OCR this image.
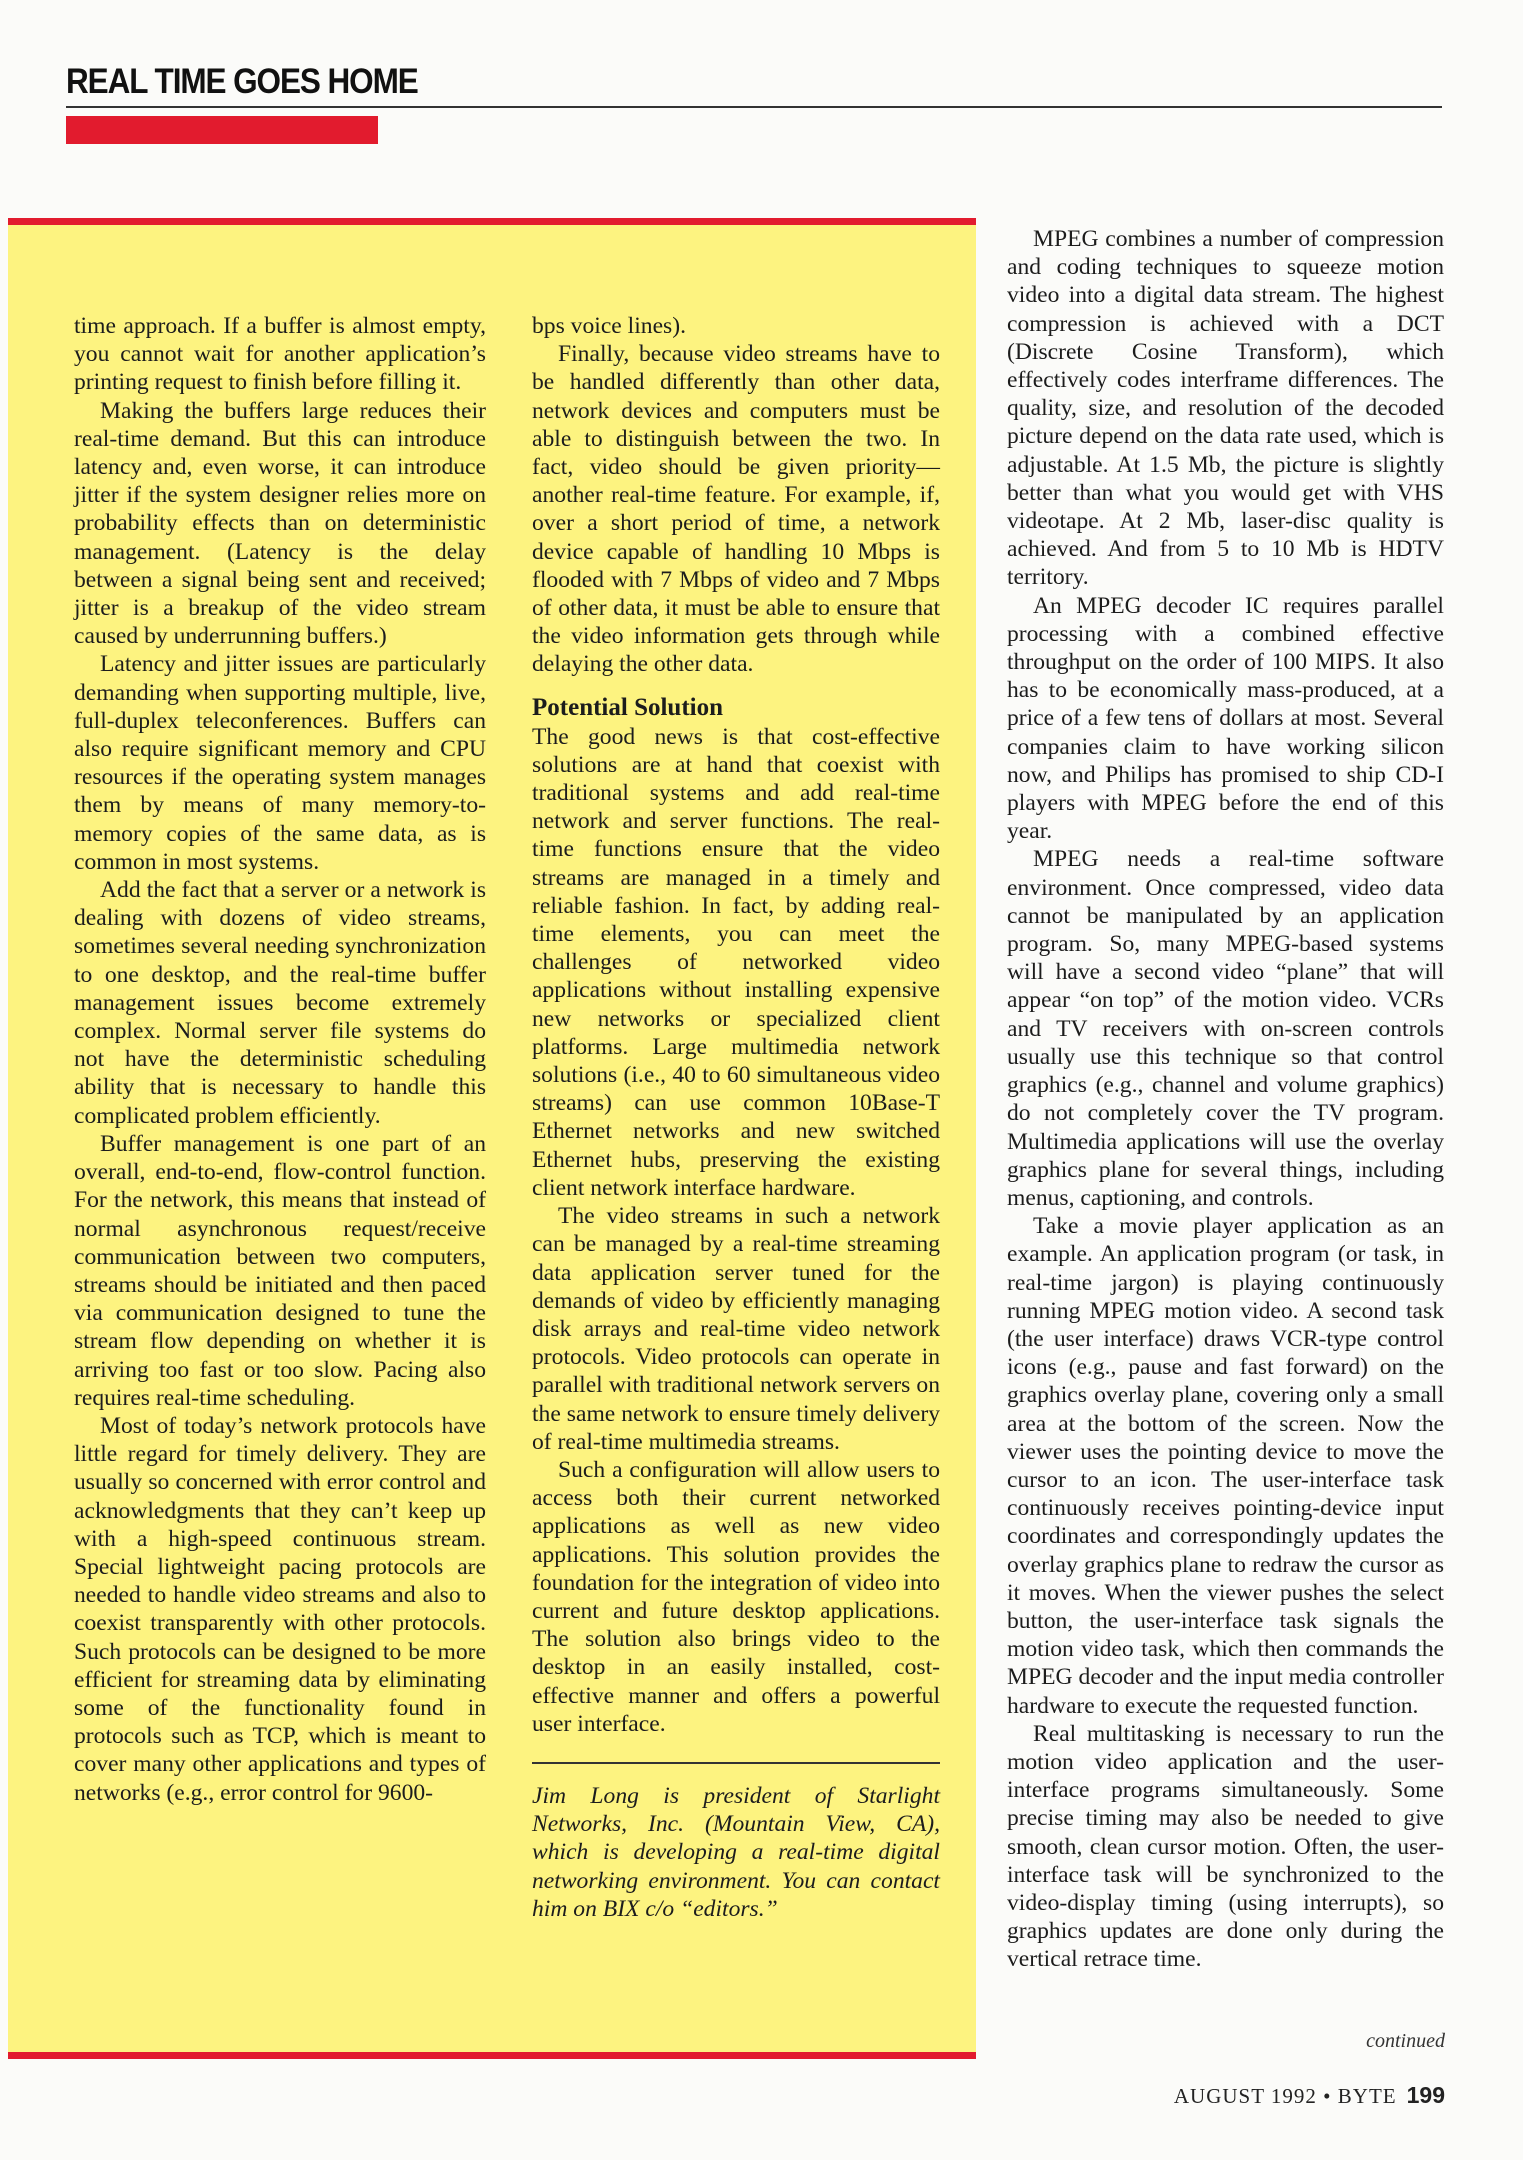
REAL TIME GOES HOME

time approach. If a buffer is almost empty, you cannot wait for another application’s printing request to finish before filling it.

Making the buffers large reduces their real-time demand. But this can introduce latency and, even worse, it can introduce jitter if the system designer relies more on probability effects than on deterministic management. (Latency is the delay between a signal being sent and received; jitter is a breakup of the video stream caused by underrunning buffers.)

Latency and jitter issues are particularly demanding when supporting multiple, live, full-duplex teleconferences. Buffers can also require significant memory and CPU resources if the operating system manages them by means of many memory-to-memory copies of the same data, as is common in most systems.

Add the fact that a server or a network is dealing with dozens of video streams, sometimes several needing synchronization to one desktop, and the real-time buffer management issues become extremely complex. Normal server file systems do not have the deterministic scheduling ability that is necessary to handle this complicated problem efficiently.

Buffer management is one part of an overall, end-to-end, flow-control function. For the network, this means that instead of normal asynchronous request/receive communication between two computers, streams should be initiated and then paced via communication designed to tune the stream flow depending on whether it is arriving too fast or too slow. Pacing also requires real-time scheduling.

Most of today’s network protocols have little regard for timely delivery. They are usually so concerned with error control and acknowledgments that they can’t keep up with a high-speed continuous stream. Special lightweight pacing protocols are needed to handle video streams and also to coexist transparently with other protocols. Such protocols can be designed to be more efficient for streaming data by eliminating some of the functionality found in protocols such as TCP, which is meant to cover many other applications and types of networks (e.g., error control for 9600-

bps voice lines).

Finally, because video streams have to be handled differently than other data, network devices and computers must be able to distinguish between the two. In fact, video should be given priority—another real-time feature. For example, if, over a short period of time, a network device capable of handling 10 Mbps is flooded with 7 Mbps of video and 7 Mbps of other data, it must be able to ensure that the video information gets through while delaying the other data.

Potential Solution

The good news is that cost-effective solutions are at hand that coexist with traditional systems and add real-time network and server functions. The real-time functions ensure that the video streams are managed in a timely and reliable fashion. In fact, by adding real-time elements, you can meet the challenges of networked video applications without installing expensive new networks or specialized client platforms. Large multimedia network solutions (i.e., 40 to 60 simultaneous video streams) can use common 10Base-T Ethernet networks and new switched Ethernet hubs, preserving the existing client network interface hardware.

The video streams in such a network can be managed by a real-time streaming data application server tuned for the demands of video by efficiently managing disk arrays and real-time video network protocols. Video protocols can operate in parallel with traditional network servers on the same network to ensure timely delivery of real-time multimedia streams.

Such a configuration will allow users to access both their current networked applications as well as new video applications. This solution provides the foundation for the integration of video into current and future desktop applications. The solution also brings video to the desktop in an easily installed, cost-effective manner and offers a powerful user interface.

Jim Long is president of Starlight Networks, Inc. (Mountain View, CA), which is developing a real-time digital networking environment. You can contact him on BIX c/o “editors.”

MPEG combines a number of compression and coding techniques to squeeze motion video into a digital data stream. The highest compression is achieved with a DCT (Discrete Cosine Transform), which effectively codes interframe differences. The quality, size, and resolution of the decoded picture depend on the data rate used, which is adjustable. At 1.5 Mb, the picture is slightly better than what you would get with VHS videotape. At 2 Mb, laser-disc quality is achieved. And from 5 to 10 Mb is HDTV territory.

An MPEG decoder IC requires parallel processing with a combined effective throughput on the order of 100 MIPS. It also has to be economically mass-produced, at a price of a few tens of dollars at most. Several companies claim to have working silicon now, and Philips has promised to ship CD-I players with MPEG before the end of this year.

MPEG needs a real-time software environment. Once compressed, video data cannot be manipulated by an application program. So, many MPEG-based systems will have a second video “plane” that will appear “on top” of the motion video. VCRs and TV receivers with on-screen controls usually use this technique so that control graphics (e.g., channel and volume graphics) do not completely cover the TV program. Multimedia applications will use the overlay graphics plane for several things, including menus, captioning, and controls.

Take a movie player application as an example. An application program (or task, in real-time jargon) is playing continuously running MPEG motion video. A second task (the user interface) draws VCR-type control icons (e.g., pause and fast forward) on the graphics overlay plane, covering only a small area at the bottom of the screen. Now the viewer uses the pointing device to move the cursor to an icon. The user-interface task continuously receives pointing-device input coordinates and correspondingly updates the overlay graphics plane to redraw the cursor as it moves. When the viewer pushes the select button, the user-interface task signals the motion video task, which then commands the MPEG decoder and the input media controller hardware to execute the requested function.

Real multitasking is necessary to run the motion video application and the user-interface programs simultaneously. Some precise timing may also be needed to give smooth, clean cursor motion. Often, the user-interface task will be synchronized to the video-display timing (using interrupts), so graphics updates are done only during the vertical retrace time.

continued
AUGUST 1992 • BYTE 199
